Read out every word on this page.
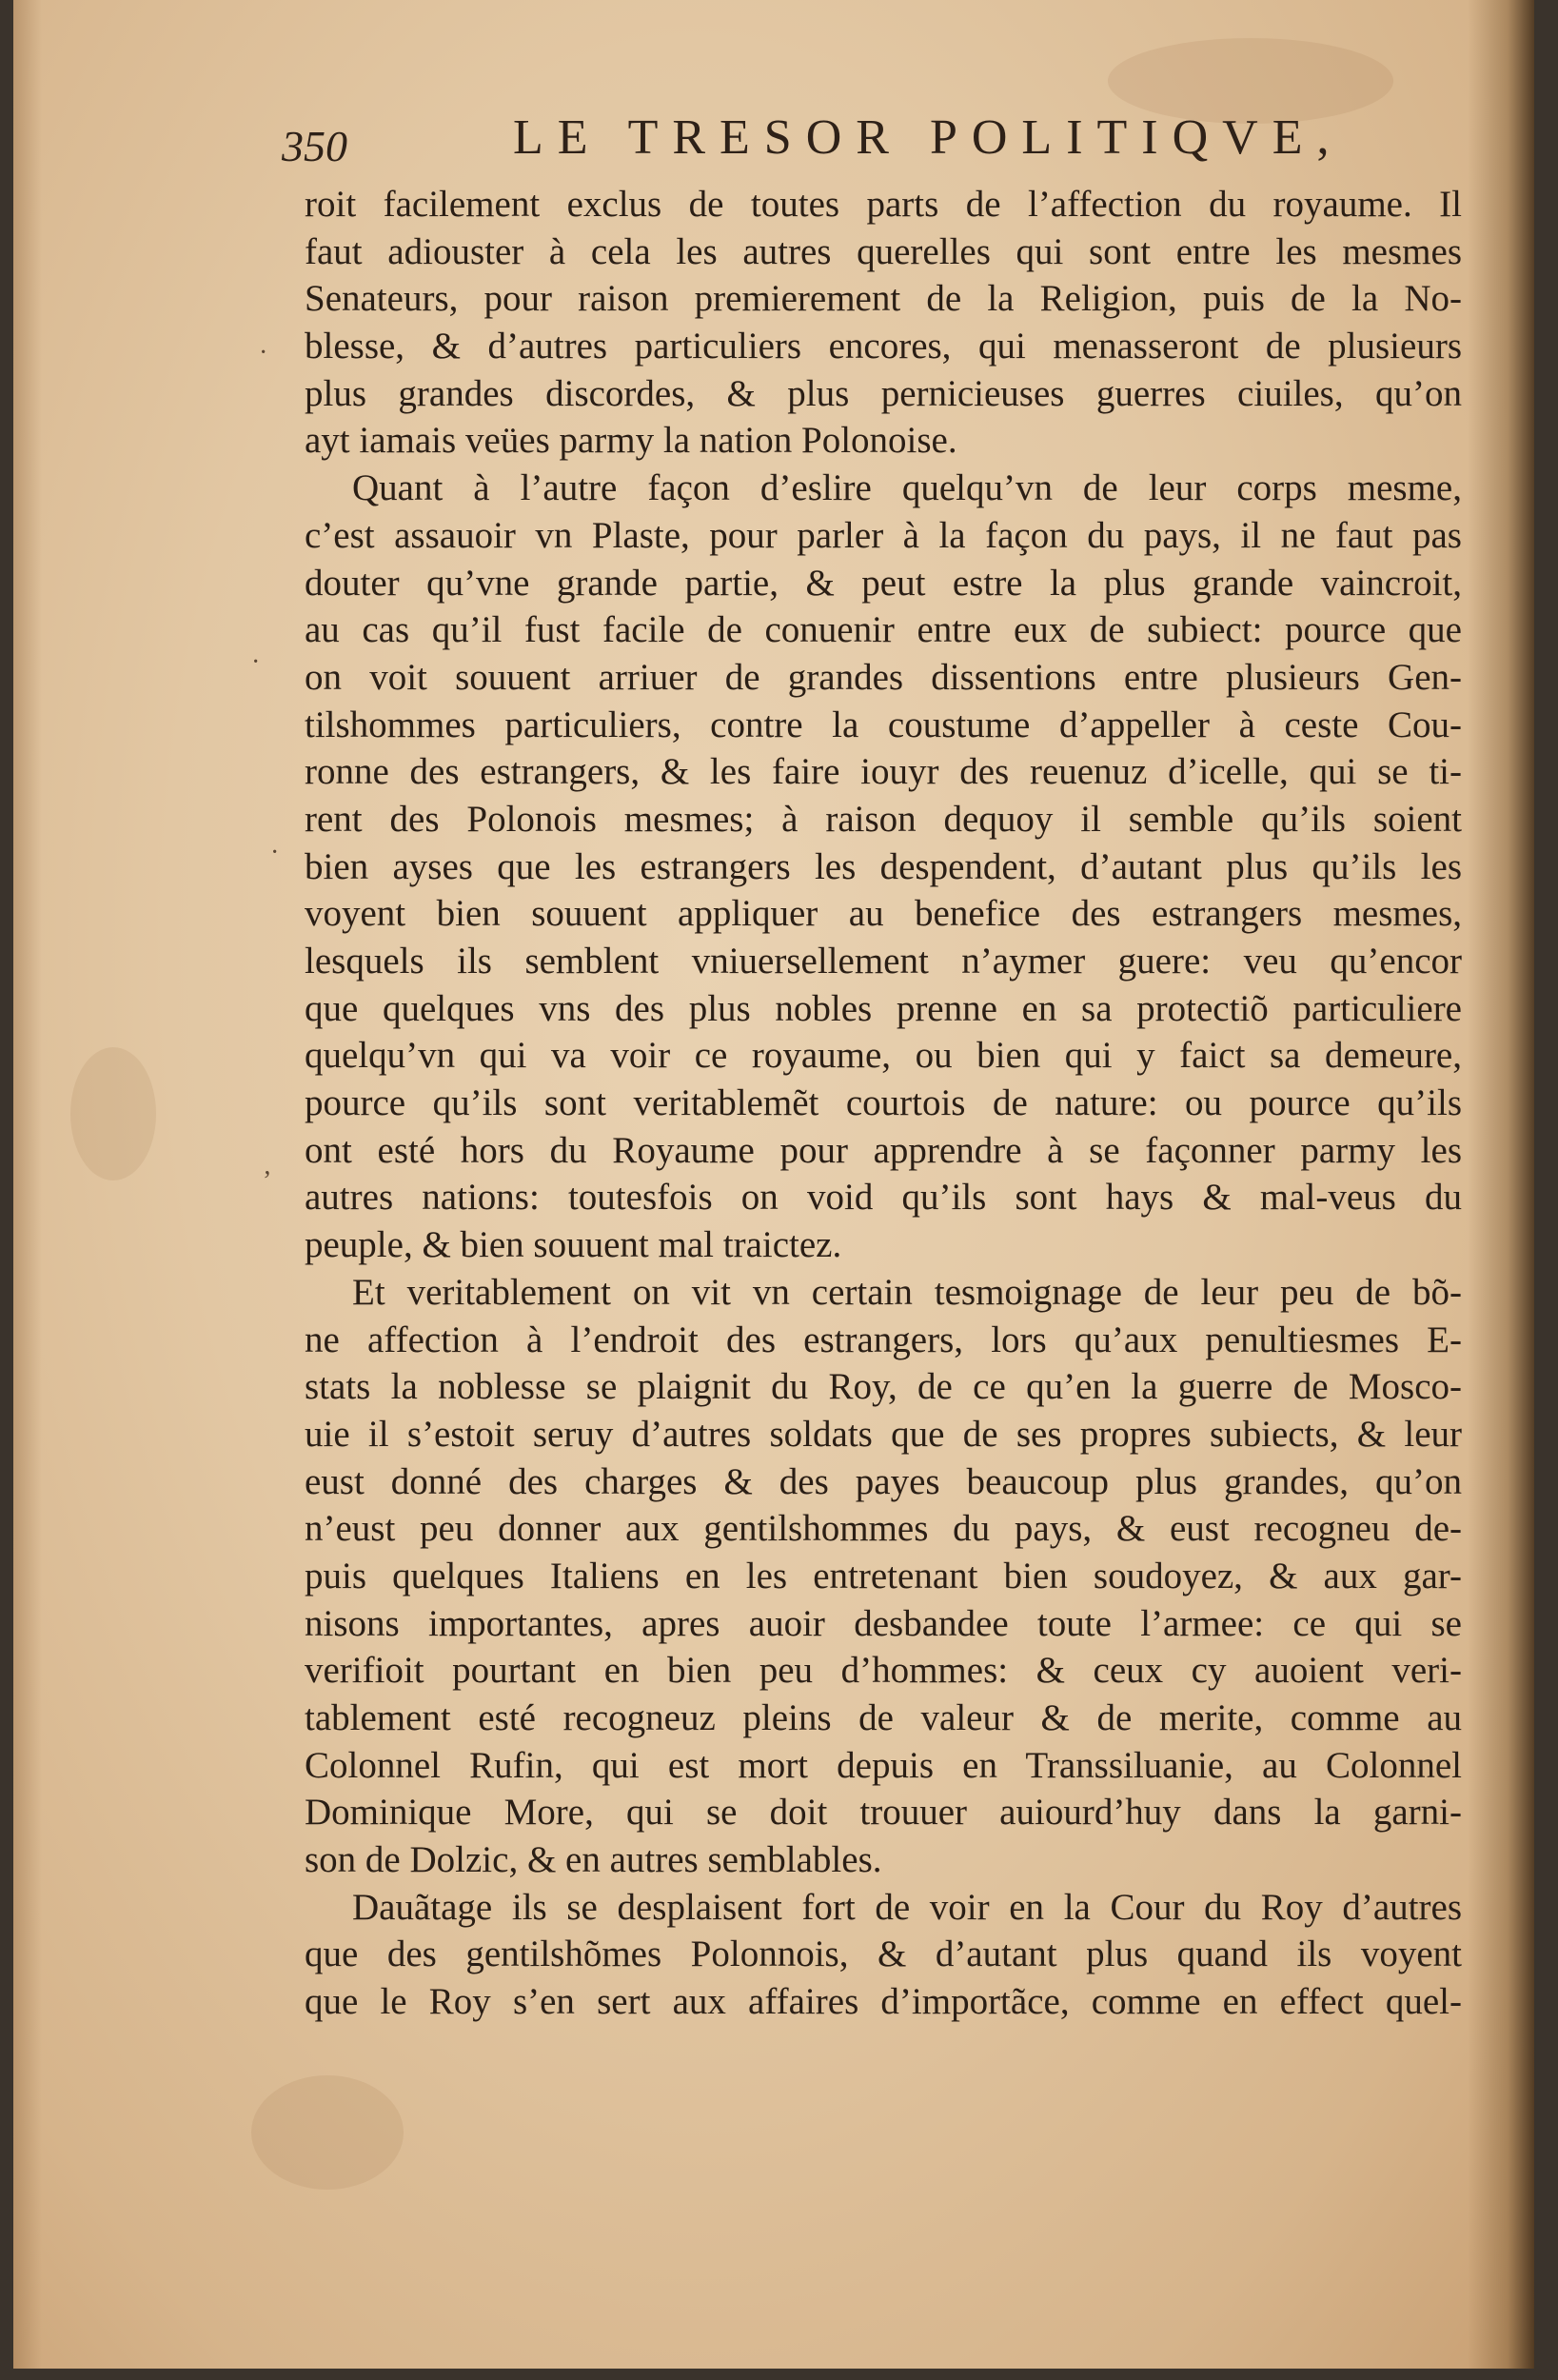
350	LE TRESOR POLITIQVE,
roit facilement exclus de toutes parts de l’affection du royaume. Il
faut adiouster à cela les autres querelles qui sont entre les mesmes
Senateurs, pour raison premierement de la Religion, puis de la No-
blesse, & d’autres particuliers encores, qui menasseront de plusieurs
plus grandes discordes, & plus pernicieuses guerres ciuiles, qu’on
ayt iamais veües parmy la nation Polonoise.
Quant à l’autre façon d’eslire quelqu’vn de leur corps mesme,
c’est assauoir vn Plaste, pour parler à la façon du pays, il ne faut pas
douter qu’vne grande partie, & peut estre la plus grande vaincroit,
au cas qu’il fust facile de conuenir entre eux de subiect: pource que
on voit souuent arriuer de grandes dissentions entre plusieurs Gen-
tilshommes particuliers, contre la coustume d’appeller à ceste Cou-
ronne des estrangers, & les faire iouyr des reuenuz d’icelle, qui se ti-
rent des Polonois mesmes; à raison dequoy il semble qu’ils soient
bien ayses que les estrangers les despendent, d’autant plus qu’ils les
voyent bien souuent appliquer au benefice des estrangers mesmes,
lesquels ils semblent vniuersellement n’aymer guere: veu qu’encor
que quelques vns des plus nobles prenne en sa protectiõ particuliere
quelqu’vn qui va voir ce royaume, ou bien qui y faict sa demeure,
pource qu’ils sont veritablemẽt courtois de nature: ou pource qu’ils
ont esté hors du Royaume pour apprendre à se façonner parmy les
autres nations: toutesfois on void qu’ils sont hays & mal-veus du
peuple, & bien souuent mal traictez.
Et veritablement on vit vn certain tesmoignage de leur peu de bõ-
ne affection à l’endroit des estrangers, lors qu’aux penultiesmes E-
stats la noblesse se plaignit du Roy, de ce qu’en la guerre de Mosco-
uie il s’estoit seruy d’autres soldats que de ses propres subiects, & leur
eust donné des charges & des payes beaucoup plus grandes, qu’on
n’eust peu donner aux gentilshommes du pays, & eust recogneu de-
puis quelques Italiens en les entretenant bien soudoyez, & aux gar-
nisons importantes, apres auoir desbandee toute l’armee: ce qui se
verifioit pourtant en bien peu d’hommes: & ceux cy auoient veri-
tablement esté recogneuz pleins de valeur & de merite, comme au
Colonnel Rufin, qui est mort depuis en Transsiluanie, au Colonnel
Dominique More, qui se doit trouuer auiourd’huy dans la garni-
son de Dolzic, & en autres semblables.
Dauãtage ils se desplaisent fort de voir en la Cour du Roy d’autres
que des gentilshõmes Polonnois, & d’autant plus quand ils voyent
que le Roy s’en sert aux affaires d’importãce, comme en effect quel-
·
·
·
’
